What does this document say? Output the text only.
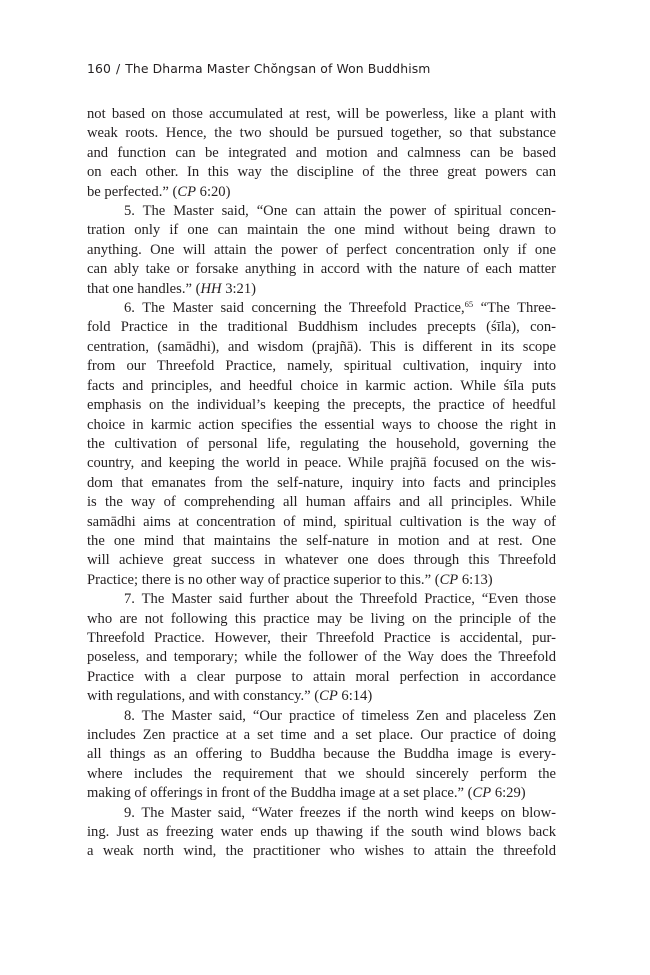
160 / The Dharma Master Chŏngsan of Won Buddhism
not based on those accumulated at rest, will be powerless, like a plant with
weak roots. Hence, the two should be pursued together, so that substance
and function can be integrated and motion and calmness can be based
on each other. In this way the discipline of the three great powers can
be perfected.” (CP 6:20)
5. The Master said, “One can attain the power of spiritual concen-
tration only if one can maintain the one mind without being drawn to
anything. One will attain the power of perfect concentration only if one
can ably take or forsake anything in accord with the nature of each matter
that one handles.” (HH 3:21)
6. The Master said concerning the Threefold Practice,$^{65}$ “The Three-
fold Practice in the traditional Buddhism includes precepts (śīla), con-
centration, (samādhi), and wisdom (prajñā). This is different in its scope
from our Threefold Practice, namely, spiritual cultivation, inquiry into
facts and principles, and heedful choice in karmic action. While śīla puts
emphasis on the individual’s keeping the precepts, the practice of heedful
choice in karmic action specifies the essential ways to choose the right in
the cultivation of personal life, regulating the household, governing the
country, and keeping the world in peace. While prajñā focused on the wis-
dom that emanates from the self-nature, inquiry into facts and principles
is the way of comprehending all human affairs and all principles. While
samādhi aims at concentration of mind, spiritual cultivation is the way of
the one mind that maintains the self-nature in motion and at rest. One
will achieve great success in whatever one does through this Threefold
Practice; there is no other way of practice superior to this.” (CP 6:13)
7. The Master said further about the Threefold Practice, “Even those
who are not following this practice may be living on the principle of the
Threefold Practice. However, their Threefold Practice is accidental, pur-
poseless, and temporary; while the follower of the Way does the Threefold
Practice with a clear purpose to attain moral perfection in accordance
with regulations, and with constancy.” (CP 6:14)
8. The Master said, “Our practice of timeless Zen and placeless Zen
includes Zen practice at a set time and a set place. Our practice of doing
all things as an offering to Buddha because the Buddha image is every-
where includes the requirement that we should sincerely perform the
making of offerings in front of the Buddha image at a set place.” (CP 6:29)
9. The Master said, “Water freezes if the north wind keeps on blow-
ing. Just as freezing water ends up thawing if the south wind blows back
a weak north wind, the practitioner who wishes to attain the threefold
